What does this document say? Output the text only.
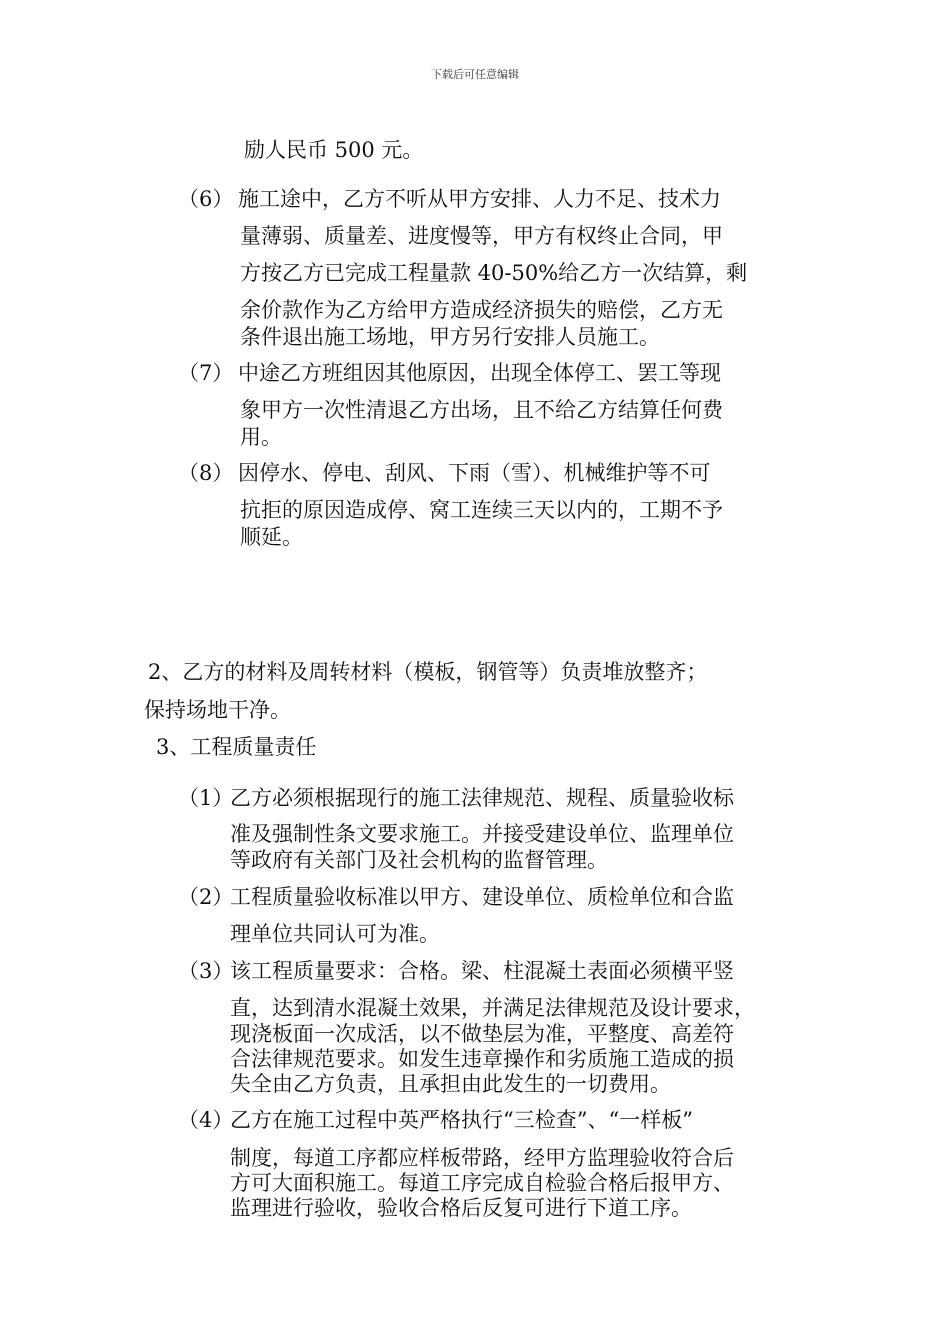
下载后可任意编辑
励人民币 500 元。
（6） 施工途中，乙方不听从甲方安排、人力不足、技术力
量薄弱、质量差、进度慢等，甲方有权终止合同，甲
方按乙方已完成工程量款 40-50%给乙方一次结算，剩
余价款作为乙方给甲方造成经济损失的赔偿，乙方无
条件退出施工场地，甲方另行安排人员施工。
（7） 中途乙方班组因其他原因，出现全体停工、罢工等现
象甲方一次性清退乙方出场，且不给乙方结算任何费
用。
（8） 因停水、停电、刮风、下雨（雪）、机械维护等不可
抗拒的原因造成停、窝工连续三天以内的，工期不予
顺延。
2、乙方的材料及周转材料（模板，钢管等）负责堆放整齐；
保持场地干净。
3、工程质量责任
（1）
乙方必须根据现行的施工法律规范、规程、质量验收标
准及强制性条文要求施工。并接受建设单位、监理单位
等政府有关部门及社会机构的监督管理。
（2）
工程质量验收标准以甲方、建设单位、质检单位和合监
理单位共同认可为准。
（3）
该工程质量要求：合格。梁、柱混凝土表面必须横平竖
直，达到清水混凝土效果，并满足法律规范及设计要求，
现浇板面一次成活，以不做垫层为准，平整度、高差符
合法律规范要求。如发生违章操作和劣质施工造成的损
失全由乙方负责，且承担由此发生的一切费用。
（4）
乙方在施工过程中英严格执行“三检查”、“一样板”
制度，每道工序都应样板带路，经甲方监理验收符合后
方可大面积施工。每道工序完成自检验合格后报甲方、
监理进行验收，验收合格后反复可进行下道工序。
